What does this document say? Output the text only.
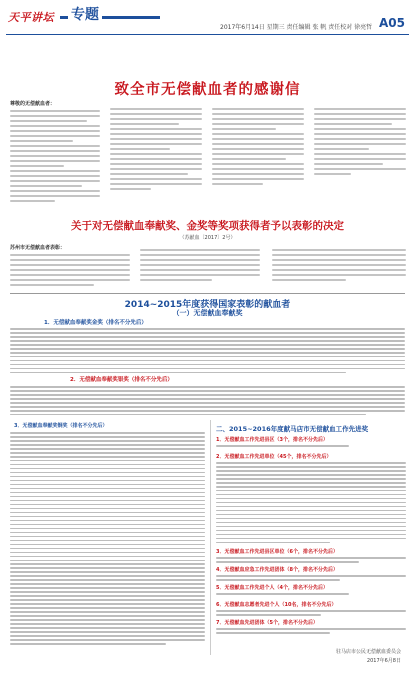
天平讲坛 专题
2017年6月14日 星期三 责任编辑 张 帆 责任校对 徐亮哲 A05
致全市无偿献血者的感谢信
尊敬的无偿献血者：
关于对无偿献血奉献奖、金奖等奖项获得者予以表彰的决定
（苏献血〔2017〕2号）
苏州市无偿献血者表彰：
2014~2015年度获得国家表彰的献血者
（一）无偿献血奉献奖
1．无偿献血奉献奖金奖（排名不分先后）
2．无偿献血奉献奖银奖（排名不分先后）
3．无偿献血奉献奖铜奖（排名不分先后）	二、2015~2016年度献马店市无偿献血工作先进奖
1．无偿献血工作先进县区（3个，排名不分先后）
2．无偿献血工作先进单位（45个，排名不分先后）
3．无偿献血工作先进县区单位（6个，排名不分先后）
4．无偿献血应急工作先进团体（8个，排名不分先后）
5．无偿献血工作先进个人（4个，排名不分先后）
6．无偿献血志愿者先进个人（10名，排名不分先后）
7．无偿献血先进团体（5个，排名不分先后）
驻马店市公民无偿献血委员会
2017年6月8日
